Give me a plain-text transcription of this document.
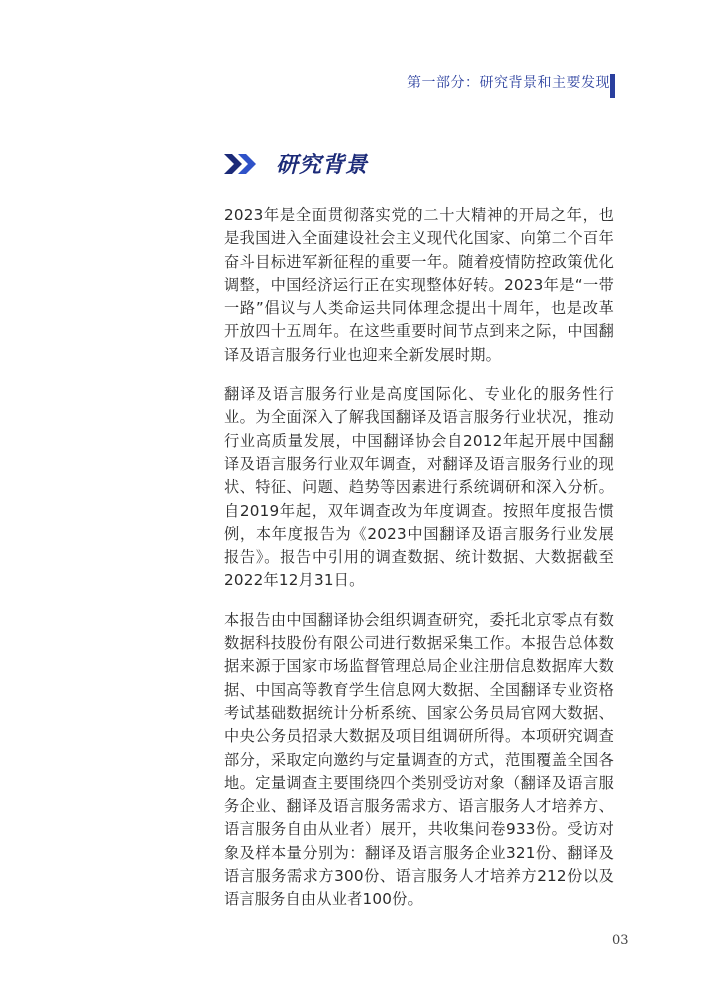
第一部分：研究背景和主要发现
研究背景

2023年是全面贯彻落实党的二十大精神的开局之年，也是我国进入全面建设社会主义现代化国家、向第二个百年奋斗目标进军新征程的重要一年。随着疫情防控政策优化调整，中国经济运行正在实现整体好转。2023年是“一带一路”倡议与人类命运共同体理念提出十周年，也是改革开放四十五周年。在这些重要时间节点到来之际，中国翻译及语言服务行业也迎来全新发展时期。

翻译及语言服务行业是高度国际化、专业化的服务性行业。为全面深入了解我国翻译及语言服务行业状况，推动行业高质量发展，中国翻译协会自2012年起开展中国翻译及语言服务行业双年调查，对翻译及语言服务行业的现状、特征、问题、趋势等因素进行系统调研和深入分析。自2019年起，双年调查改为年度调查。按照年度报告惯例，本年度报告为《2023中国翻译及语言服务行业发展报告》。报告中引用的调查数据、统计数据、大数据截至2022年12月31日。

本报告由中国翻译协会组织调查研究，委托北京零点有数数据科技股份有限公司进行数据采集工作。本报告总体数据来源于国家市场监督管理总局企业注册信息数据库大数据、中国高等教育学生信息网大数据、全国翻译专业资格考试基础数据统计分析系统、国家公务员局官网大数据、中央公务员招录大数据及项目组调研所得。本项研究调查部分，采取定向邀约与定量调查的方式，范围覆盖全国各地。定量调查主要围绕四个类别受访对象（翻译及语言服务企业、翻译及语言服务需求方、语言服务人才培养方、语言服务自由从业者）展开，共收集问卷933份。受访对象及样本量分别为：翻译及语言服务企业321份、翻译及语言服务需求方300份、语言服务人才培养方212份以及语言服务自由从业者100份。

03
